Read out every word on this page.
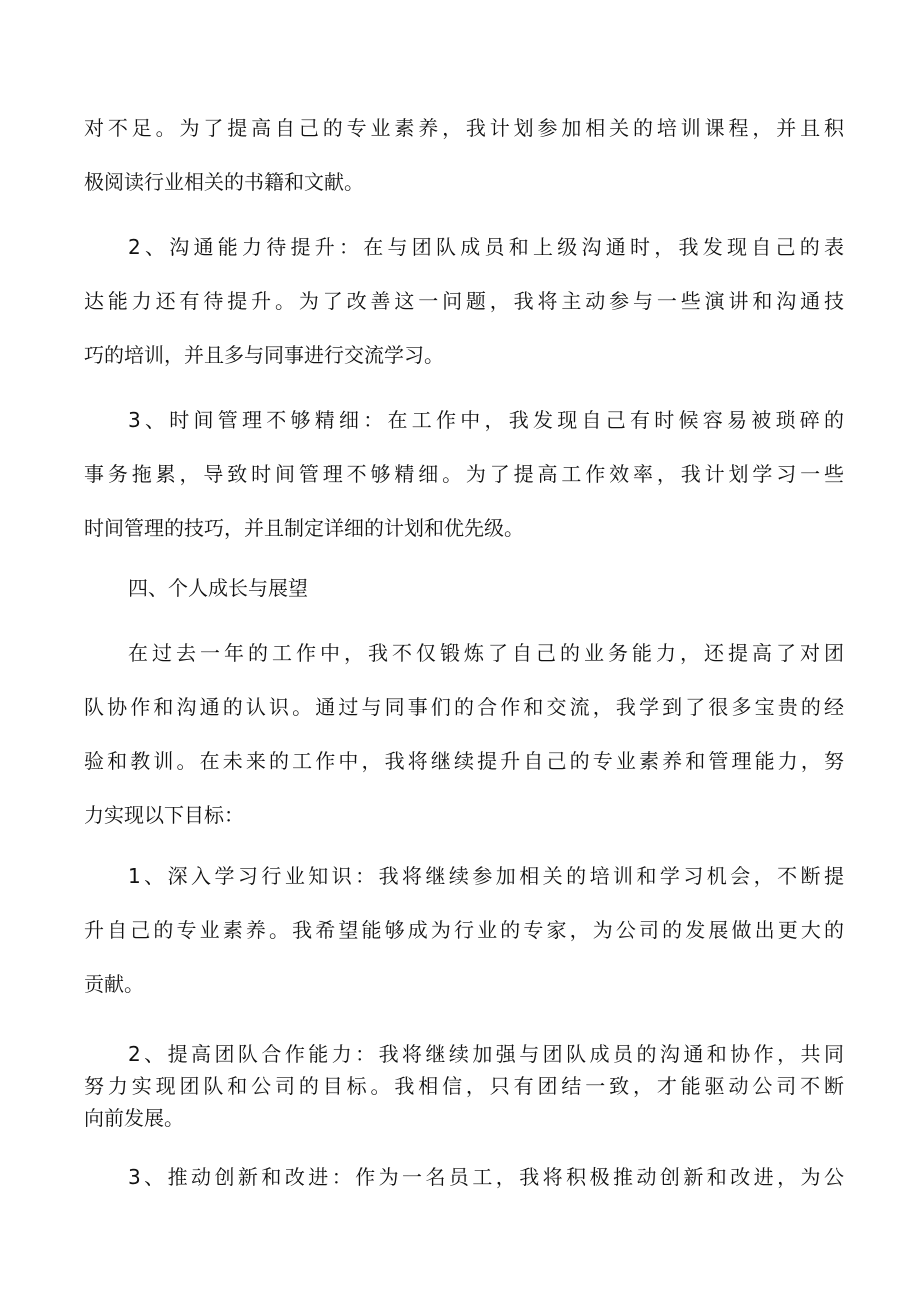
对不足。为了提高自己的专业素养，我计划参加相关的培训课程，并且积
极阅读行业相关的书籍和文献。
2、沟通能力待提升：在与团队成员和上级沟通时，我发现自己的表
达能力还有待提升。为了改善这一问题，我将主动参与一些演讲和沟通技
巧的培训，并且多与同事进行交流学习。
3、时间管理不够精细：在工作中，我发现自己有时候容易被琐碎的
事务拖累，导致时间管理不够精细。为了提高工作效率，我计划学习一些
时间管理的技巧，并且制定详细的计划和优先级。
四、个人成长与展望
在过去一年的工作中，我不仅锻炼了自己的业务能力，还提高了对团
队协作和沟通的认识。通过与同事们的合作和交流，我学到了很多宝贵的经
验和教训。在未来的工作中，我将继续提升自己的专业素养和管理能力，努
力实现以下目标：
1、深入学习行业知识：我将继续参加相关的培训和学习机会，不断提
升自己的专业素养。我希望能够成为行业的专家，为公司的发展做出更大的
贡献。
2、提高团队合作能力：我将继续加强与团队成员的沟通和协作，共同
努力实现团队和公司的目标。我相信，只有团结一致，才能驱动公司不断
向前发展。
3、推动创新和改进：作为一名员工，我将积极推动创新和改进，为公
